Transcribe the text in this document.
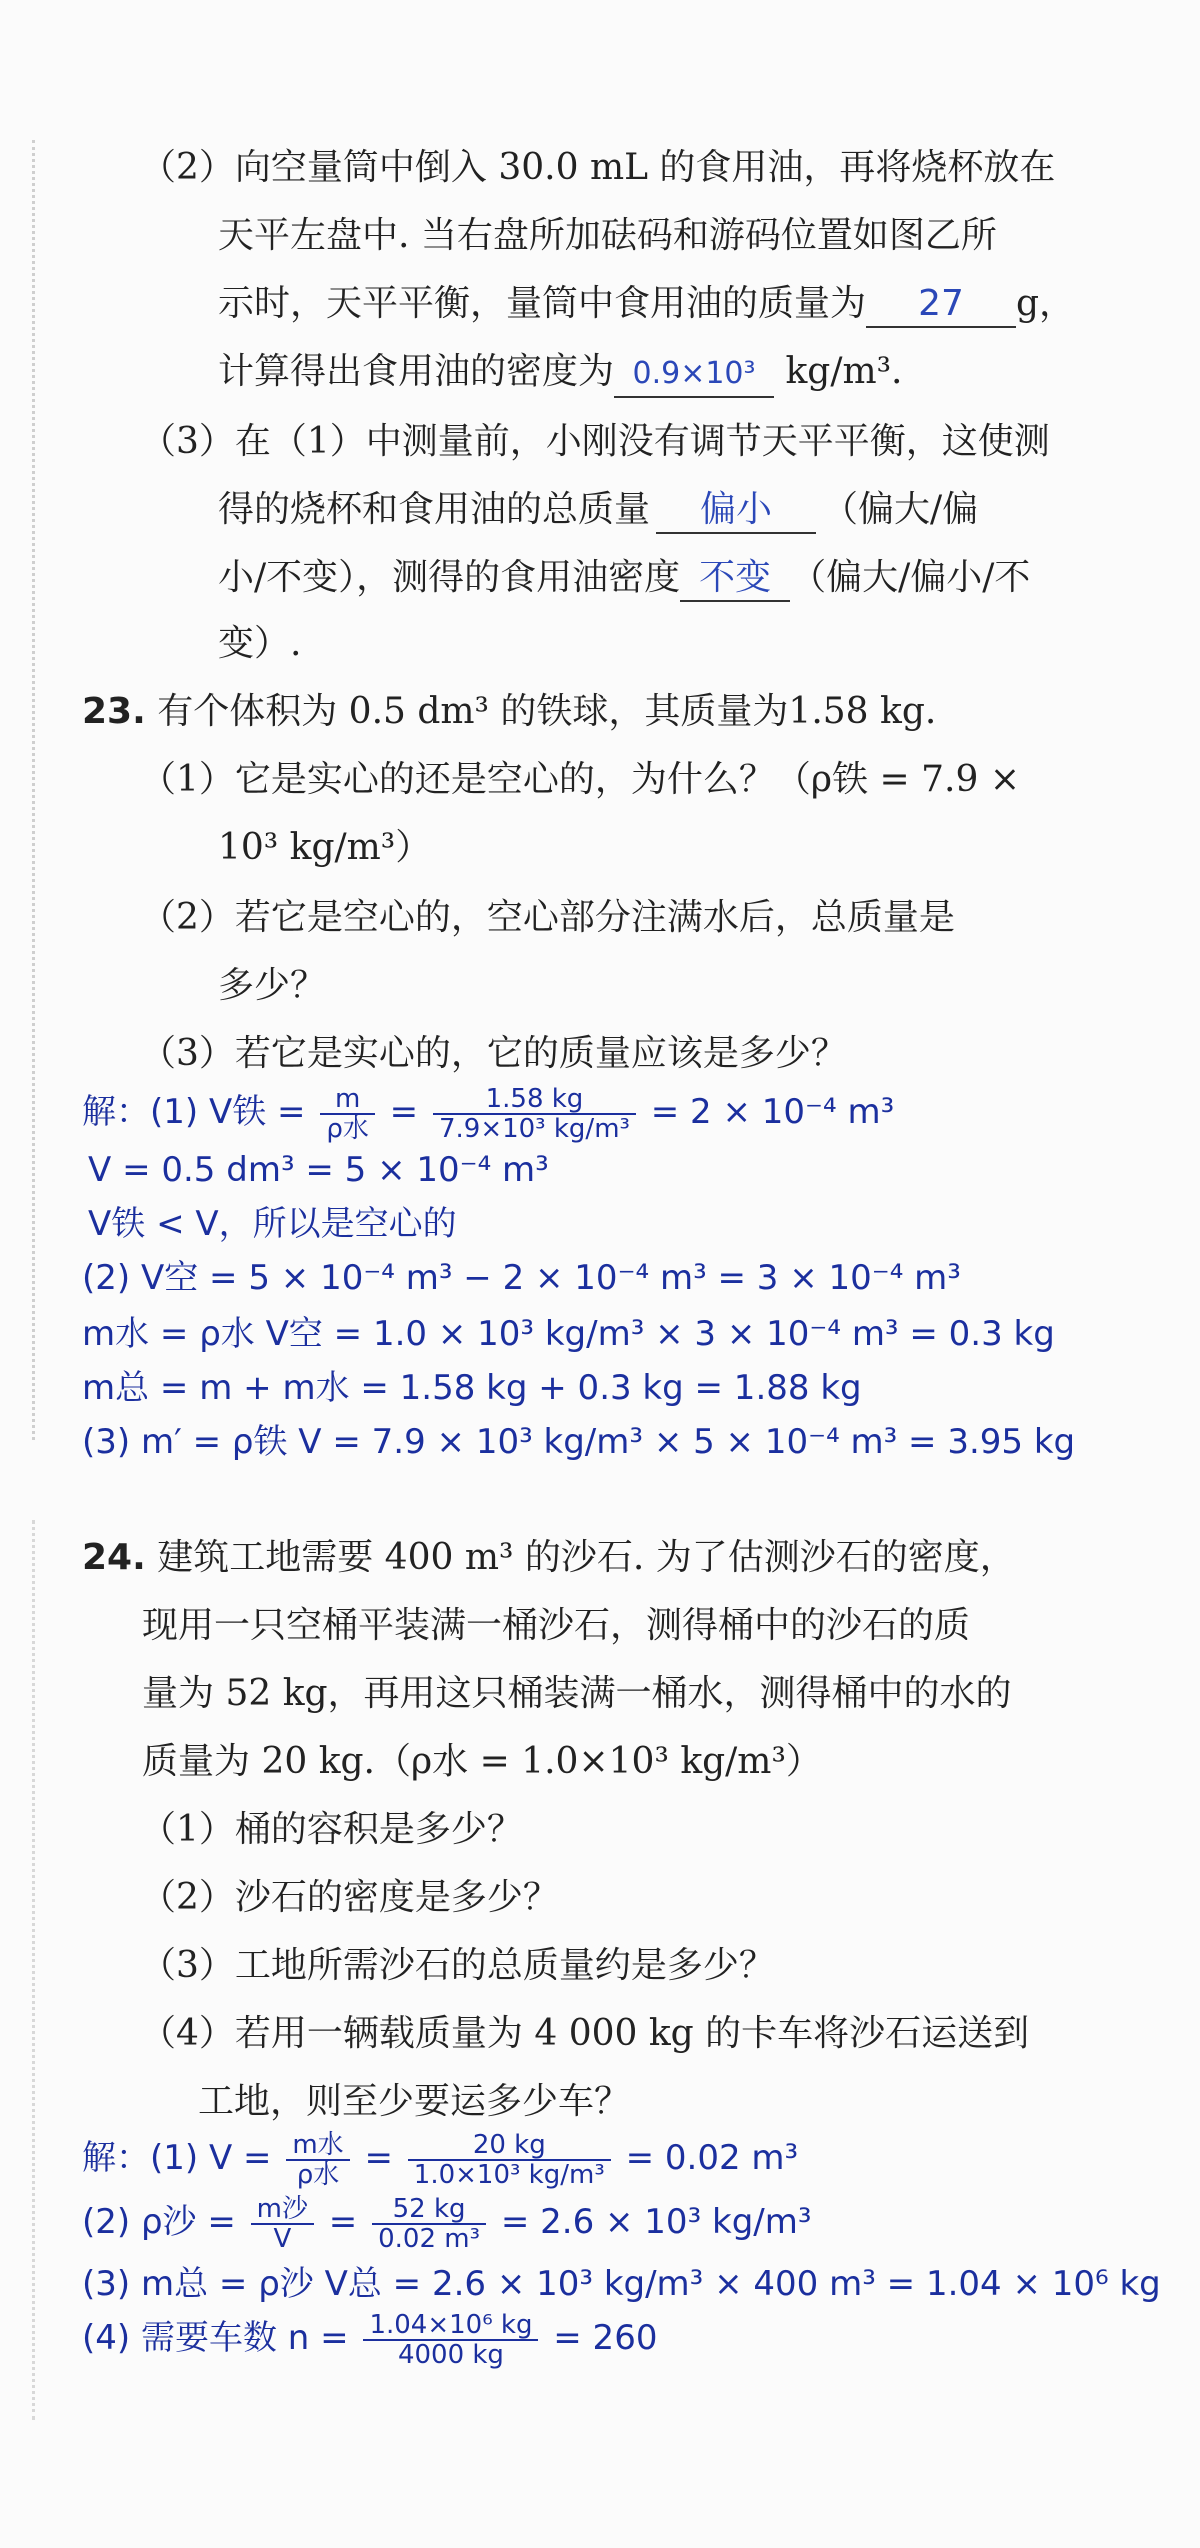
（2）向空量筒中倒入 30.0 mL 的食用油，再将烧杯放在
天平左盘中. 当右盘所加砝码和游码位置如图乙所
示时，天平平衡，量筒中食用油的质量为 27 g，
计算得出食用油的密度为 0.9×10³ kg/m³.
（3）在（1）中测量前，小刚没有调节天平平衡，这使测
得的烧杯和食用油的总质量 偏小 （偏大/偏
小/不变），测得的食用油密度 不变 （偏大/偏小/不
变）.
23. 有个体积为 0.5 dm³ 的铁球，其质量为1.58 kg.
（1）它是实心的还是空心的，为什么？（ρ铁 = 7.9 ×
10³ kg/m³）
（2）若它是空心的，空心部分注满水后，总质量是
多少？
（3）若它是实心的，它的质量应该是多少？
解：(1) V铁 = $\frac{m}{\text{ρ水}} = \frac{1.58 kg}{\text{7.9×10³ kg/m³}} = 2 \times 10^{-4}$ m³
V = 0.5 dm³ = 5 × 10⁻⁴ m³
V铁 < V，所以是空心的
(2) V空 = 5 × 10⁻⁴ m³ − 2 × 10⁻⁴ m³ = 3 × 10⁻⁴ m³
m水 = ρ水 V空 = 1.0 × 10³ kg/m³ × 3 × 10⁻⁴ m³ = 0.3 kg
m总 = m + m水 = 1.58 kg + 0.3 kg = 1.88 kg
(3) m′ = ρ铁 V = 7.9 × 10³ kg/m³ × 5 × 10⁻⁴ m³ = 3.95 kg
24. 建筑工地需要 400 m³ 的沙石. 为了估测沙石的密度，
现用一只空桶平装满一桶沙石，测得桶中的沙石的质
量为 52 kg，再用这只桶装满一桶水，测得桶中的水的
质量为 20 kg.（ρ水 = 1.0×10³ kg/m³）
（1）桶的容积是多少？
（2）沙石的密度是多少？
（3）工地所需沙石的总质量约是多少？
（4）若用一辆载质量为 4 000 kg 的卡车将沙石运送到
工地，则至少要运多少车？
解：(1) $V = \frac{\text{m水}}{\text{ρ水}} = \frac{20 kg}{\text{1.0×10³ kg/m³}} = 0.02$ m³
(2) ρ沙 = $\frac{\text{m沙}}{V} = \frac{52 kg}{\text{0.02 m³}} = 2.6 \times 10^3$ kg/m³
(3) m总 = ρ沙 V总 = 2.6 × 10³ kg/m³ × 400 m³ = 1.04 × 10⁶ kg
(4) 需要车数 $n = \frac{\text{1.04×10⁶ kg}}{4000 kg} = 260$
